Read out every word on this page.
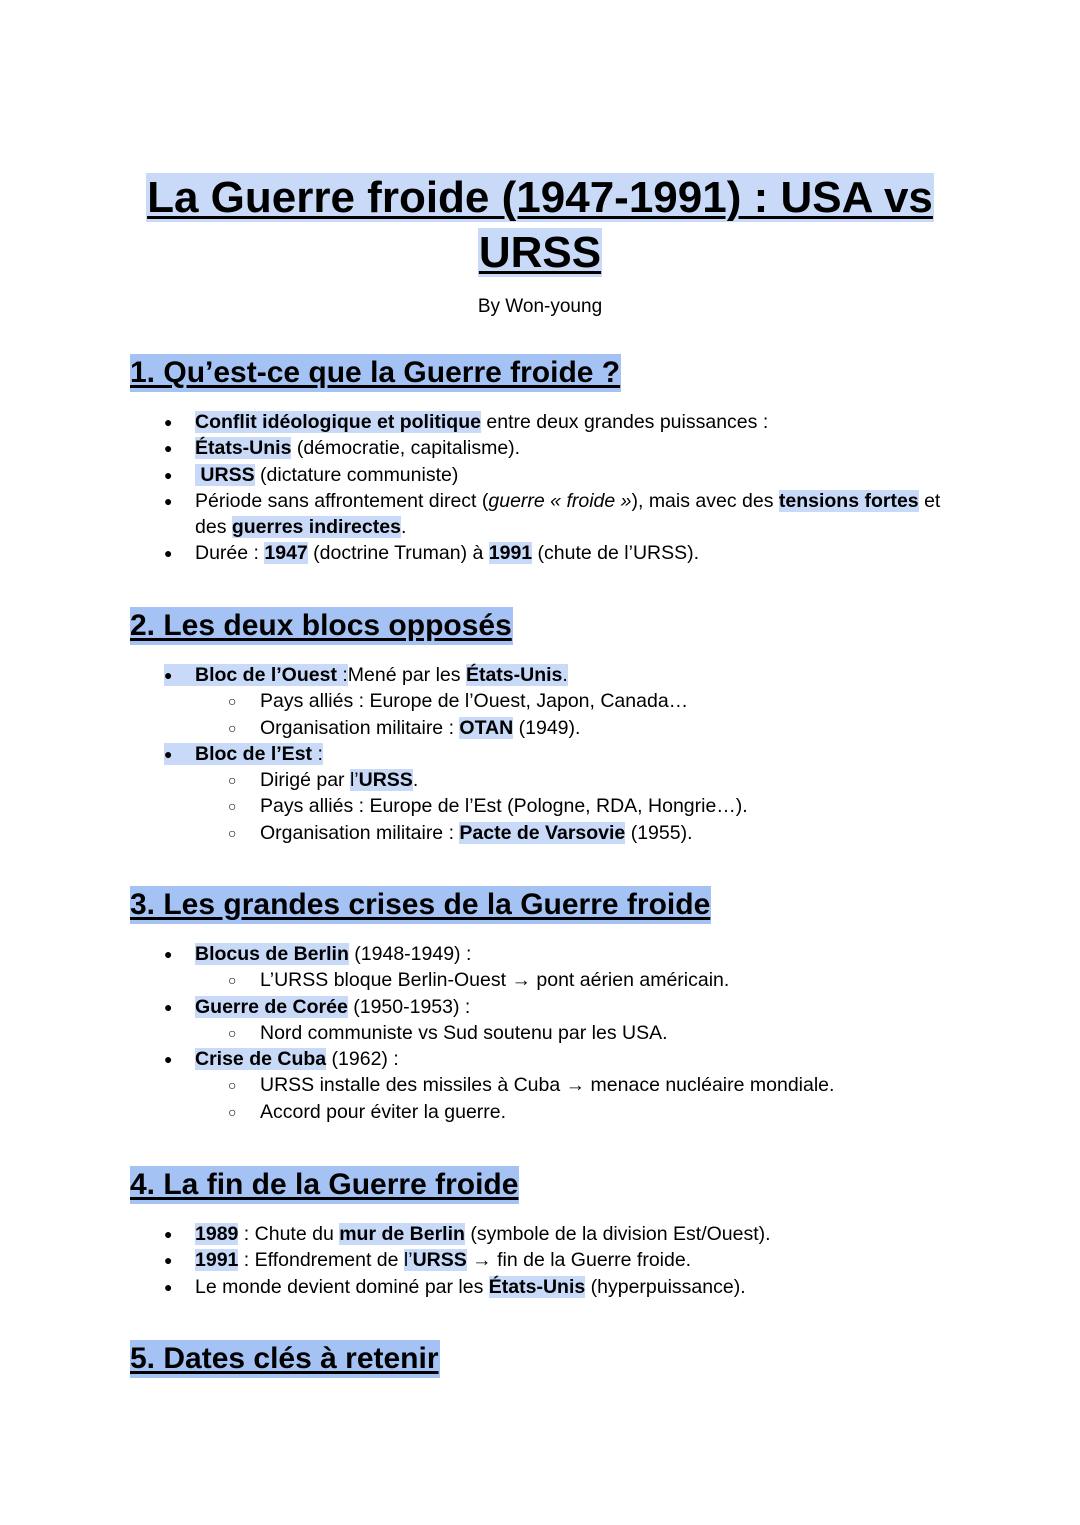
La Guerre froide (1947-1991) : USA vs
URSS
By Won-young
1. Qu’est-ce que la Guerre froide ?
●	Conflit idéologique et politique entre deux grandes puissances :
●	États-Unis (démocratie, capitalisme).
●	URSS (dictature communiste)
●	Période sans affrontement direct (guerre « froide »), mais avec des tensions fortes et des guerres indirectes.
●	Durée : 1947 (doctrine Truman) à 1991 (chute de l’URSS).
2. Les deux blocs opposés
●	Bloc de l’Ouest :Mené par les États-Unis.
○ Pays alliés : Europe de l’Ouest, Japon, Canada…
○ Organisation militaire : OTAN (1949).
●	Bloc de l’Est :
○ Dirigé par l’URSS.
○ Pays alliés : Europe de l’Est (Pologne, RDA, Hongrie…).
○ Organisation militaire : Pacte de Varsovie (1955).
3. Les grandes crises de la Guerre froide
●	Blocus de Berlin (1948-1949) :
○ L’URSS bloque Berlin-Ouest → pont aérien américain.
●	Guerre de Corée (1950-1953) :
○ Nord communiste vs Sud soutenu par les USA.
●	Crise de Cuba (1962) :
○ URSS installe des missiles à Cuba → menace nucléaire mondiale.
○ Accord pour éviter la guerre.
4. La fin de la Guerre froide
●	1989 : Chute du mur de Berlin (symbole de la division Est/Ouest).
●	1991 : Effondrement de l’URSS → fin de la Guerre froide.
●	Le monde devient dominé par les États-Unis (hyperpuissance).
5. Dates clés à retenir
